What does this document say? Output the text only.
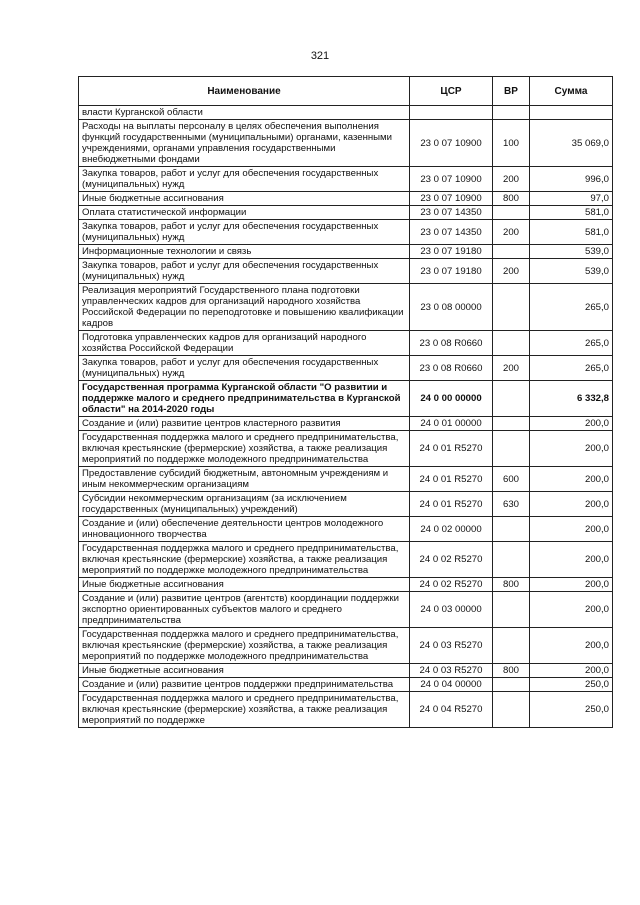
321
Наименование	ЦСР	ВР	Сумма
власти Курганской области			
Расходы на выплаты персоналу в целях обеспечения выполнения функций государственными (муниципальными) органами, казенными учреждениями, органами управления государственными внебюджетными фондами	23 0 07 10900	100	35 069,0
Закупка товаров, работ и услуг для обеспечения государственных (муниципальных) нужд	23 0 07 10900	200	996,0
Иные бюджетные ассигнования	23 0 07 10900	800	97,0
Оплата статистической информации	23 0 07 14350		581,0
Закупка товаров, работ и услуг для обеспечения государственных (муниципальных) нужд	23 0 07 14350	200	581,0
Информационные технологии и связь	23 0 07 19180		539,0
Закупка товаров, работ и услуг для обеспечения государственных (муниципальных) нужд	23 0 07 19180	200	539,0
Реализация мероприятий Государственного плана подготовки управленческих кадров для организаций народного хозяйства Российской Федерации по переподготовке и повышению квалификации кадров	23 0 08 00000		265,0
Подготовка управленческих кадров для организаций народного хозяйства Российской Федерации	23 0 08 R0660		265,0
Закупка товаров, работ и услуг для обеспечения государственных (муниципальных) нужд	23 0 08 R0660	200	265,0
Государственная программа Курганской области "О развитии и поддержке малого и среднего предпринимательства в Курганской области" на 2014-2020 годы	24 0 00 00000		6 332,8
Создание и (или) развитие центров кластерного развития	24 0 01 00000		200,0
Государственная поддержка малого и среднего предпринимательства, включая крестьянские (фермерские) хозяйства, а также реализация мероприятий по поддержке молодежного предпринимательства	24 0 01 R5270		200,0
Предоставление субсидий бюджетным, автономным учреждениям и иным некоммерческим организациям	24 0 01 R5270	600	200,0
Субсидии некоммерческим организациям (за исключением государственных (муниципальных) учреждений)	24 0 01 R5270	630	200,0
Создание и (или) обеспечение деятельности центров молодежного инновационного творчества	24 0 02 00000		200,0
Государственная поддержка малого и среднего предпринимательства, включая крестьянские (фермерские) хозяйства, а также реализация мероприятий по поддержке молодежного предпринимательства	24 0 02 R5270		200,0
Иные бюджетные ассигнования	24 0 02 R5270	800	200,0
Создание и (или) развитие центров (агентств) координации поддержки экспортно ориентированных субъектов малого и среднего предпринимательства	24 0 03 00000		200,0
Государственная поддержка малого и среднего предпринимательства, включая крестьянские (фермерские) хозяйства, а также реализация мероприятий по поддержке молодежного предпринимательства	24 0 03 R5270		200,0
Иные бюджетные ассигнования	24 0 03 R5270	800	200,0
Создание и (или) развитие центров поддержки предпринимательства	24 0 04 00000		250,0
Государственная поддержка малого и среднего предпринимательства, включая крестьянские (фермерские) хозяйства, а также реализация мероприятий по поддержке	24 0 04 R5270		250,0
